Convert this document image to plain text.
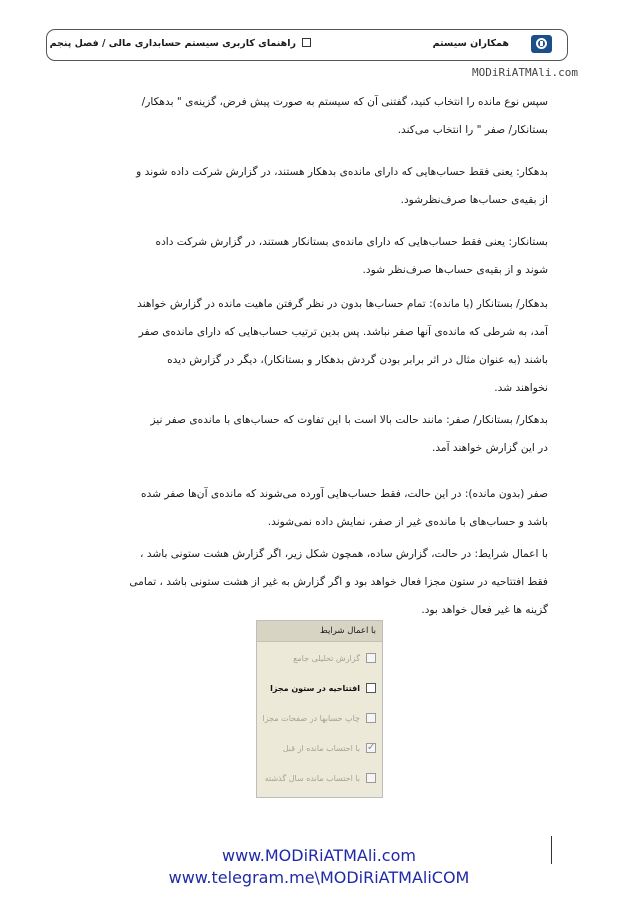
همکاران سیستم
راهنمای کاربری سیستم حسابداری مالی / فصل پنجم
MODiRiATMAli.com
سپس نوع مانده را انتخاب کنید، گفتنی آن که سیستم به صورت پیش فرض، گزینه‌ی " بدهکار/
بستانکار/ صفر " را انتخاب می‌کند.
بدهکار: یعنی فقط حساب‌هایی که دارای مانده‌ی بدهکار هستند، در گزارش شرکت داده شوند و
از بقیه‌ی حساب‌ها صرف‌نظرشود.
بستانکار: یعنی فقط حساب‌هایی که دارای مانده‌ی بستانکار هستند، در گزارش شرکت داده
شوند و از بقیه‌ی حساب‌ها صرف‌نظر شود.
بدهکار/ بستانکار (با مانده): تمام حساب‌ها بدون در نظر گرفتن ماهیت مانده در گزارش خواهند
آمد، به شرطی که مانده‌ی آنها صفر نباشد. پس بدین ترتیب حساب‌هایی که دارای مانده‌ی صفر
باشند (به عنوان مثال در اثر برابر بودن گردش بدهکار و بستانکار)، دیگر در گزارش دیده
نخواهند شد.
بدهکار/ بستانکار/ صفر: مانند حالت بالا است با این تفاوت که حساب‌های با مانده‌ی صفر نیز
در این گزارش خواهند آمد.
صفر (بدون مانده): در این حالت، فقط حساب‌هایی آورده می‌شوند که مانده‌ی آن‌ها صفر شده
باشد و حساب‌های با مانده‌ی غیر از صفر، نمایش داده نمی‌شوند.
با اعمال شرایط: در حالت، گزارش ساده، همچون شکل زیر، اگر گزارش هشت ستونی باشد ،
فقط افتتاحیه در ستون مجزا فعال خواهد بود و اگر گزارش به غیر از هشت ستونی باشد ، تمامی
گزینه ها غیر فعال خواهد بود.
با اعمال شرایط
گزارش تحلیلی جامع
افتتاحیه در ستون مجزا
چاپ حسابها در صفحات مجزا
✓
با احتساب مانده از قبل
با احتساب مانده سال گذشته
www.MODiRiATMAli.com
www.telegram.me\MODiRiATMAliCOM
